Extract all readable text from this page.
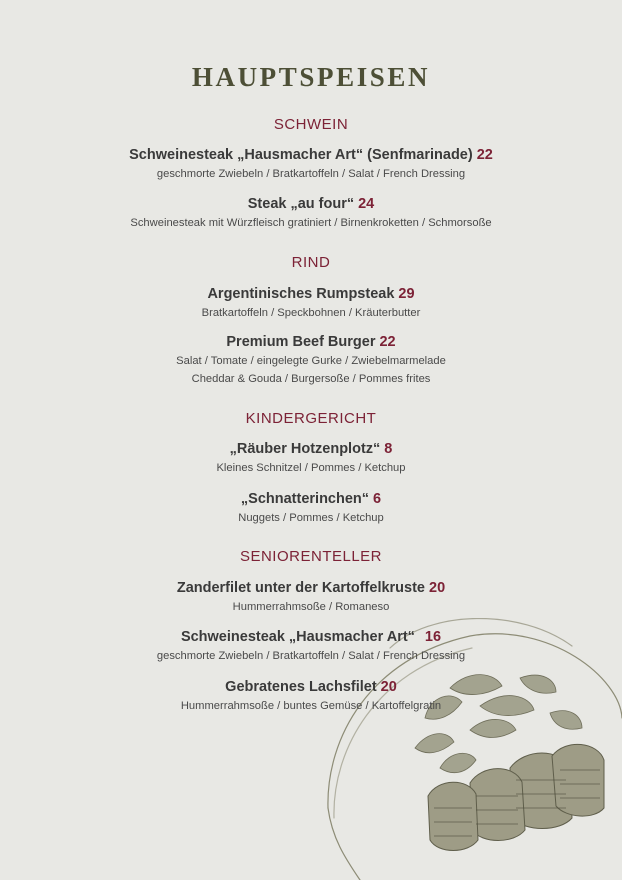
HAUPTSPEISEN
SCHWEIN
Schweinesteak „Hausmacher Art“ (Senfmarinade) 22
geschmorte Zwiebeln / Bratkartoffeln / Salat / French Dressing
Steak „au four“ 24
Schweinesteak mit Würzfleisch gratiniert / Birnenkroketten / Schmorsoße
RIND
Argentinisches Rumpsteak 29
Bratkartoffeln / Speckbohnen / Kräuterbutter
Premium Beef Burger 22
Salat / Tomate / eingelegte Gurke / Zwiebelmarmelade
Cheddar & Gouda / Burgersoße / Pommes frites
KINDERGERICHT
„Räuber Hotzenplotz“ 8
Kleines Schnitzel / Pommes / Ketchup
„Schnatterinchen“ 6
Nuggets / Pommes / Ketchup
SENIORENTELLER
Zanderfilet unter der Kartoffelkruste 20
Hummerrahmsoße / Romaneso
Schweinesteak „Hausmacher Art“ 16
geschmorte Zwiebeln / Bratkartoffeln / Salat / French Dressing
Gebratenes Lachsfilet 20
Hummerrahmsoße / buntes Gemüse / Kartoffelgratin
